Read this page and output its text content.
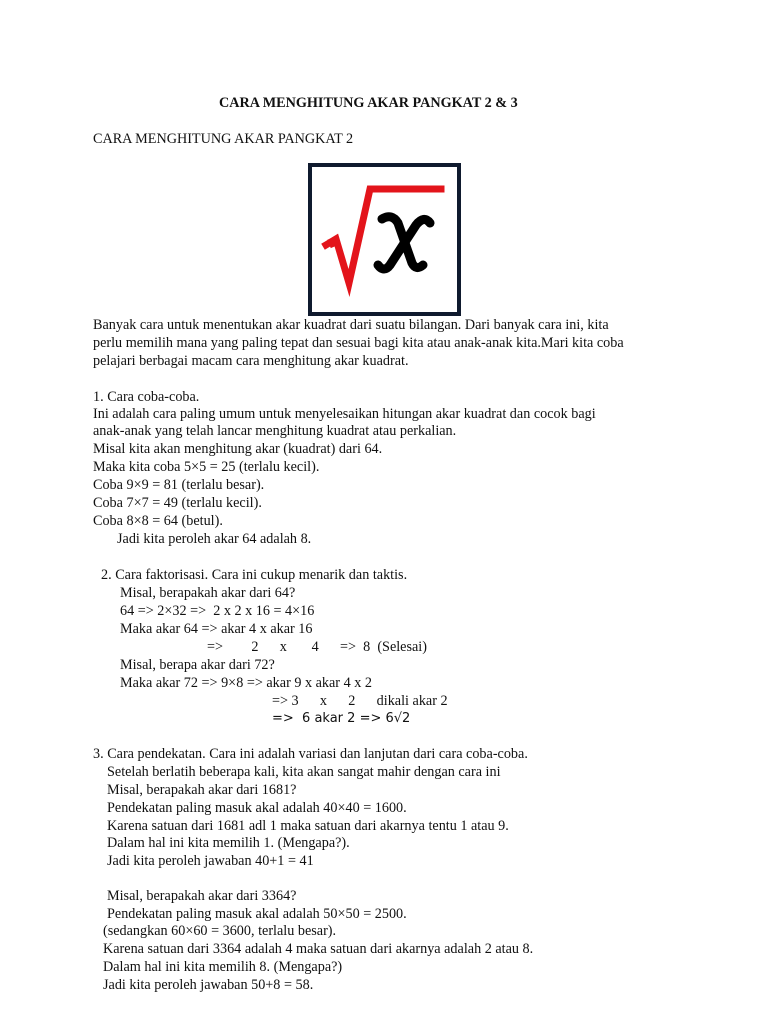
CARA MENGHITUNG AKAR PANGKAT 2 & 3
CARA MENGHITUNG AKAR PANGKAT 2
Banyak cara untuk menentukan akar kuadrat dari suatu bilangan. Dari banyak cara ini, kita
perlu memilih mana yang paling tepat dan sesuai bagi kita atau anak-anak kita.Mari kita coba
pelajari berbagai macam cara menghitung akar kuadrat.
1. Cara coba-coba.
Ini adalah cara paling umum untuk menyelesaikan hitungan akar kuadrat dan cocok bagi
anak-anak yang telah lancar menghitung kuadrat atau perkalian.
Misal kita akan menghitung akar (kuadrat) dari 64.
Maka kita coba 5×5 = 25 (terlalu kecil).
Coba 9×9 = 81 (terlalu besar).
Coba 7×7 = 49 (terlalu kecil).
Coba 8×8 = 64 (betul).
Jadi kita peroleh akar 64 adalah 8.
2. Cara faktorisasi. Cara ini cukup menarik dan taktis.
Misal, berapakah akar dari 64?
64 => 2×32 =>  2 x 2 x 16 = 4×16
Maka akar 64 => akar 4 x akar 16
=>        2      x       4      =>  8  (Selesai)
Misal, berapa akar dari 72?
Maka akar 72 => 9×8 => akar 9 x akar 4 x 2
=> 3      x      2      dikali akar 2
=>  6 akar 2 => 6√2
3. Cara pendekatan. Cara ini adalah variasi dan lanjutan dari cara coba-coba.
Setelah berlatih beberapa kali, kita akan sangat mahir dengan cara ini
Misal, berapakah akar dari 1681?
Pendekatan paling masuk akal adalah 40×40 = 1600.
Karena satuan dari 1681 adl 1 maka satuan dari akarnya tentu 1 atau 9.
Dalam hal ini kita memilih 1. (Mengapa?).
Jadi kita peroleh jawaban 40+1 = 41
Misal, berapakah akar dari 3364?
Pendekatan paling masuk akal adalah 50×50 = 2500.
(sedangkan 60×60 = 3600, terlalu besar).
Karena satuan dari 3364 adalah 4 maka satuan dari akarnya adalah 2 atau 8.
Dalam hal ini kita memilih 8. (Mengapa?)
Jadi kita peroleh jawaban 50+8 = 58.
